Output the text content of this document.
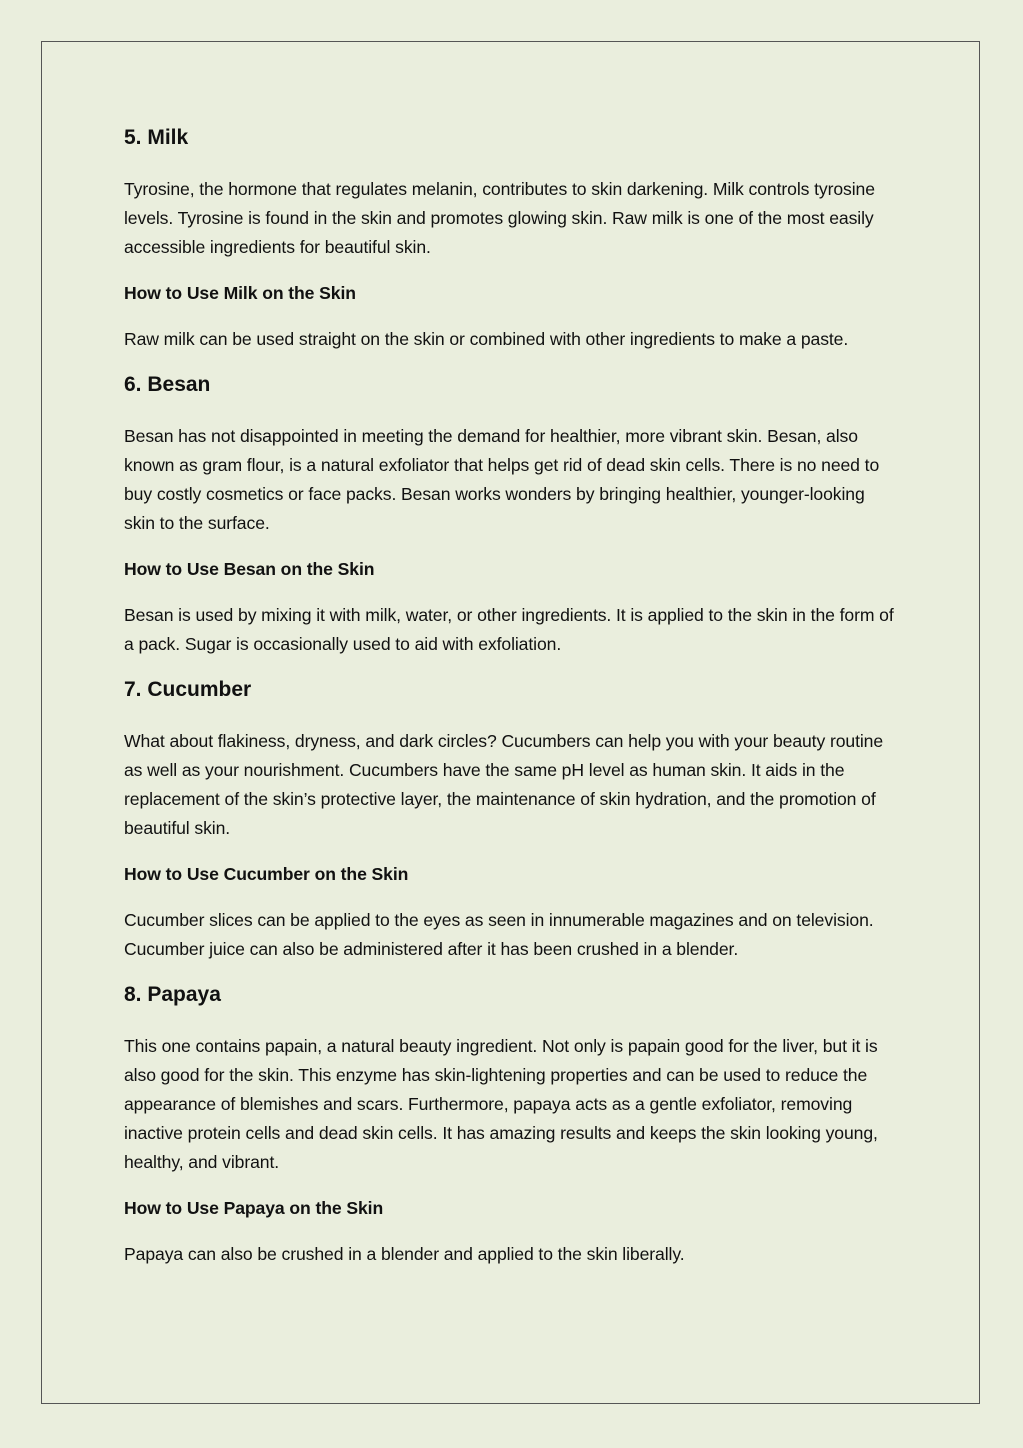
5. Milk

Tyrosine, the hormone that regulates melanin, contributes to skin darkening. Milk controls tyrosine levels. Tyrosine is found in the skin and promotes glowing skin. Raw milk is one of the most easily accessible ingredients for beautiful skin.

How to Use Milk on the Skin

Raw milk can be used straight on the skin or combined with other ingredients to make a paste.

6. Besan

Besan has not disappointed in meeting the demand for healthier, more vibrant skin. Besan, also known as gram flour, is a natural exfoliator that helps get rid of dead skin cells. There is no need to buy costly cosmetics or face packs. Besan works wonders by bringing healthier, younger-looking skin to the surface.

How to Use Besan on the Skin

Besan is used by mixing it with milk, water, or other ingredients. It is applied to the skin in the form of a pack. Sugar is occasionally used to aid with exfoliation.

7. Cucumber

What about flakiness, dryness, and dark circles? Cucumbers can help you with your beauty routine as well as your nourishment. Cucumbers have the same pH level as human skin. It aids in the replacement of the skin’s protective layer, the maintenance of skin hydration, and the promotion of beautiful skin.

How to Use Cucumber on the Skin

Cucumber slices can be applied to the eyes as seen in innumerable magazines and on television. Cucumber juice can also be administered after it has been crushed in a blender.

8. Papaya

This one contains papain, a natural beauty ingredient. Not only is papain good for the liver, but it is also good for the skin. This enzyme has skin-lightening properties and can be used to reduce the appearance of blemishes and scars. Furthermore, papaya acts as a gentle exfoliator, removing inactive protein cells and dead skin cells. It has amazing results and keeps the skin looking young, healthy, and vibrant.

How to Use Papaya on the Skin

Papaya can also be crushed in a blender and applied to the skin liberally.
